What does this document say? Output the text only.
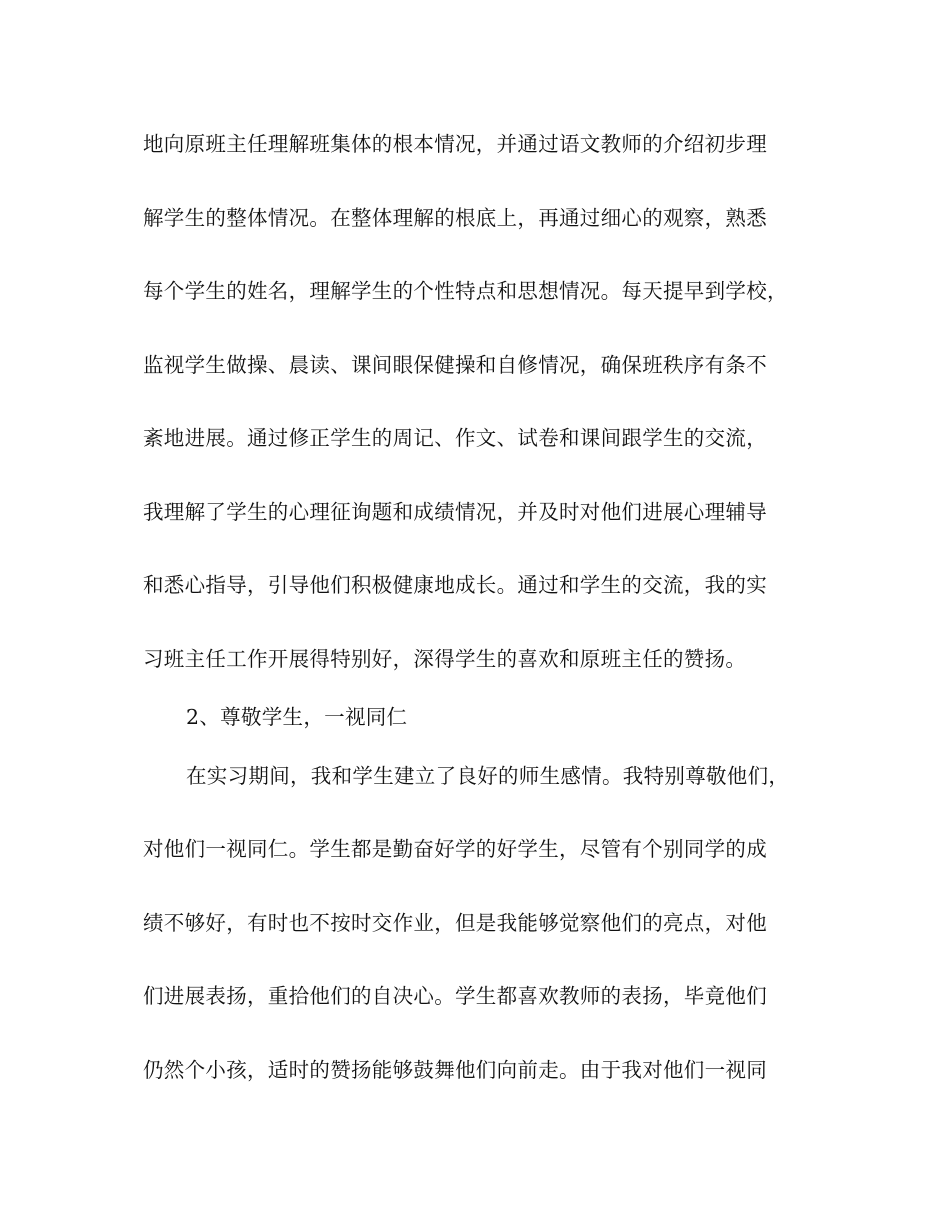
地向原班主任理解班集体的根本情况，并通过语文教师的介绍初步理
解学生的整体情况。在整体理解的根底上，再通过细心的观察，熟悉
每个学生的姓名，理解学生的个性特点和思想情况。每天提早到学校，
监视学生做操、晨读、课间眼保健操和自修情况，确保班秩序有条不
紊地进展。通过修正学生的周记、作文、试卷和课间跟学生的交流，
我理解了学生的心理征询题和成绩情况，并及时对他们进展心理辅导
和悉心指导，引导他们积极健康地成长。通过和学生的交流，我的实
习班主任工作开展得特别好，深得学生的喜欢和原班主任的赞扬。
2、尊敬学生，一视同仁
在实习期间，我和学生建立了良好的师生感情。我特别尊敬他们，
对他们一视同仁。学生都是勤奋好学的好学生，尽管有个别同学的成
绩不够好，有时也不按时交作业，但是我能够觉察他们的亮点，对他
们进展表扬，重拾他们的自决心。学生都喜欢教师的表扬，毕竟他们
仍然个小孩，适时的赞扬能够鼓舞他们向前走。由于我对他们一视同
